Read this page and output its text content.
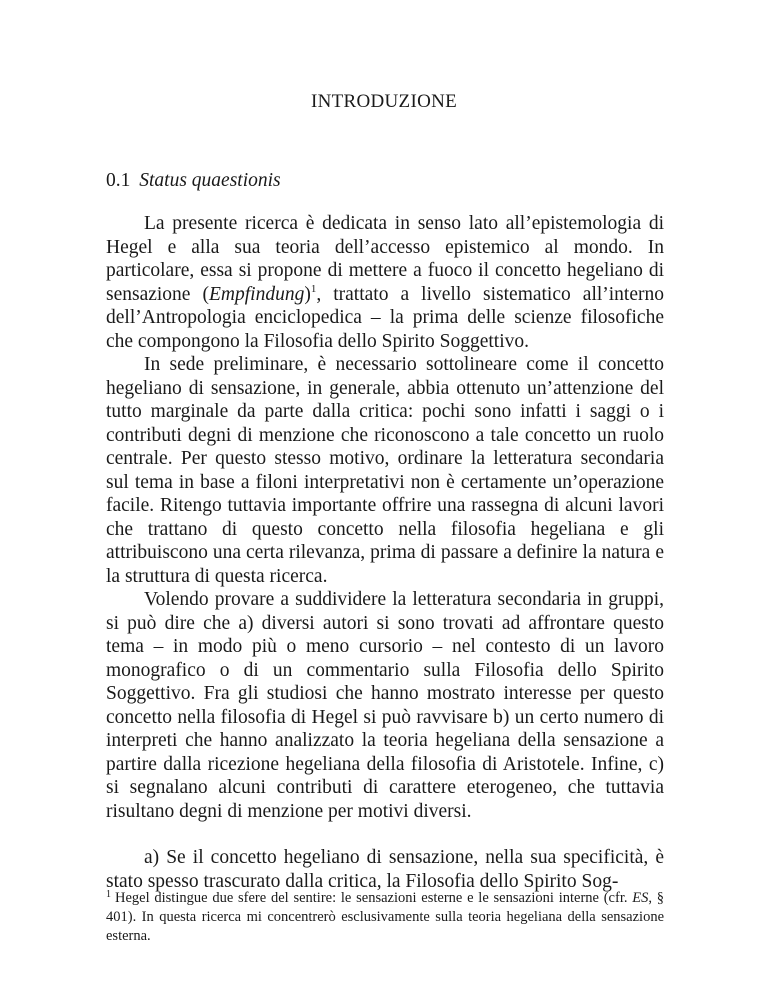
INTRODUZIONE
0.1 Status quaestionis

La presente ricerca è dedicata in senso lato all’epistemologia di Hegel e alla sua teoria dell’accesso epistemico al mondo. In particolare, essa si propone di mettere a fuoco il concetto hegeliano di sensazione (Empfindung)$^1$, trattato a livello sistematico all’interno dell’Antropologia enciclopedica – la prima delle scienze filosofiche che compongono la Filosofia dello Spirito Soggettivo.

In sede preliminare, è necessario sottolineare come il concetto hegeliano di sensazione, in generale, abbia ottenuto un’attenzione del tutto marginale da parte dalla critica: pochi sono infatti i saggi o i contributi degni di menzione che riconoscono a tale concetto un ruolo centrale. Per questo stesso motivo, ordinare la letteratura secondaria sul tema in base a filoni interpretativi non è certamente un’operazione facile. Ritengo tuttavia importante offrire una rassegna di alcuni lavori che trattano di questo concetto nella filosofia hegeliana e gli attribuiscono una certa rilevanza, prima di passare a definire la natura e la struttura di questa ricerca.

Volendo provare a suddividere la letteratura secondaria in gruppi, si può dire che a) diversi autori si sono trovati ad affrontare questo tema – in modo più o meno cursorio – nel contesto di un lavoro monografico o di un commentario sulla Filosofia dello Spirito Soggettivo. Fra gli studiosi che hanno mostrato interesse per questo concetto nella filosofia di Hegel si può ravvisare b) un certo numero di interpreti che hanno analizzato la teoria hegeliana della sensazione a partire dalla ricezione hegeliana della filosofia di Aristotele. Infine, c) si segnalano alcuni contributi di carattere eterogeneo, che tuttavia risultano degni di menzione per motivi diversi.

a) Se il concetto hegeliano di sensazione, nella sua specificità, è stato spesso trascurato dalla critica, la Filosofia dello Spirito Sog-

$^1$ Hegel distingue due sfere del sentire: le sensazioni esterne e le sensazioni interne (cfr. ES, § 401). In questa ricerca mi concentrerò esclusivamente sulla teoria hegeliana della sensazione esterna.
